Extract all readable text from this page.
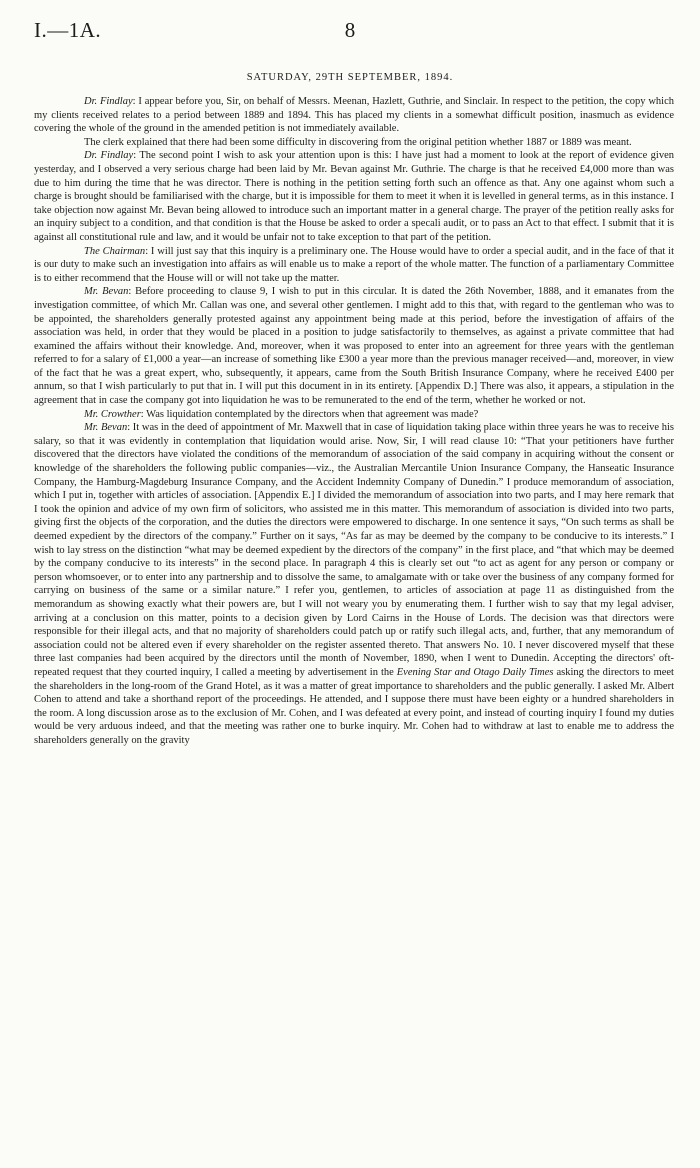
I.—1A.	8
SATURDAY, 29TH SEPTEMBER, 1894.

Dr. Findlay: I appear before you, Sir, on behalf of Messrs. Meenan, Hazlett, Guthrie, and Sinclair. In respect to the petition, the copy which my clients received relates to a period between 1889 and 1894. This has placed my clients in a somewhat difficult position, inasmuch as evidence covering the whole of the ground in the amended petition is not immediately available.

The clerk explained that there had been some difficulty in discovering from the original petition whether 1887 or 1889 was meant.

Dr. Findlay: The second point I wish to ask your attention upon is this: I have just had a moment to look at the report of evidence given yesterday, and I observed a very serious charge had been laid by Mr. Bevan against Mr. Guthrie. The charge is that he received £4,000 more than was due to him during the time that he was director. There is nothing in the petition setting forth such an offence as that. Any one against whom such a charge is brought should be familiarised with the charge, but it is impossible for them to meet it when it is levelled in general terms, as in this instance. I take objection now against Mr. Bevan being allowed to introduce such an important matter in a general charge. The prayer of the petition really asks for an inquiry subject to a condition, and that condition is that the House be asked to order a specali audit, or to pass an Act to that effect. I submit that it is against all constitutional rule and law, and it would be unfair not to take exception to that part of the petition.

The Chairman: I will just say that this inquiry is a preliminary one. The House would have to order a special audit, and in the face of that it is our duty to make such an investigation into affairs as will enable us to make a report of the whole matter. The function of a parliamentary Committee is to either recommend that the House will or will not take up the matter.

Mr. Bevan: Before proceeding to clause 9, I wish to put in this circular. It is dated the 26th November, 1888, and it emanates from the investigation committee, of which Mr. Callan was one, and several other gentlemen. I might add to this that, with regard to the gentleman who was to be appointed, the shareholders generally protested against any appointment being made at this period, before the investigation of affairs of the association was held, in order that they would be placed in a position to judge satisfactorily to themselves, as against a private committee that had examined the affairs without their knowledge. And, moreover, when it was proposed to enter into an agreement for three years with the gentleman referred to for a salary of £1,000 a year—an increase of something like £300 a year more than the previous manager received—and, moreover, in view of the fact that he was a great expert, who, subsequently, it appears, came from the South British Insurance Company, where he received £400 per annum, so that I wish particularly to put that in. I will put this document in in its entirety. [Appendix D.] There was also, it appears, a stipulation in the agreement that in case the company got into liquidation he was to be remunerated to the end of the term, whether he worked or not.

Mr. Crowther: Was liquidation contemplated by the directors when that agreement was made?

Mr. Bevan: It was in the deed of appointment of Mr. Maxwell that in case of liquidation taking place within three years he was to receive his salary, so that it was evidently in contemplation that liquidation would arise. Now, Sir, I will read clause 10: “That your petitioners have further discovered that the directors have violated the conditions of the memorandum of association of the said company in acquiring without the consent or knowledge of the shareholders the following public companies—viz., the Australian Mercantile Union Insurance Company, the Hanseatic Insurance Company, the Hamburg-Magdeburg Insurance Company, and the Accident Indemnity Company of Dunedin.” I produce memorandum of association, which I put in, together with articles of association. [Appendix E.] I divided the memorandum of association into two parts, and I may here remark that I took the opinion and advice of my own firm of solicitors, who assisted me in this matter. This memorandum of association is divided into two parts, giving first the objects of the corporation, and the duties the directors were empowered to discharge. In one sentence it says, “On such terms as shall be deemed expedient by the directors of the company.” Further on it says, “As far as may be deemed by the company to be conducive to its interests.” I wish to lay stress on the distinction “what may be deemed expedient by the directors of the company” in the first place, and “that which may be deemed by the company conducive to its interests” in the second place. In paragraph 4 this is clearly set out “to act as agent for any person or company or person whomsoever, or to enter into any partnership and to dissolve the same, to amalgamate with or take over the business of any company formed for carrying on business of the same or a similar nature.” I refer you, gentlemen, to articles of association at page 11 as distinguished from the memorandum as showing exactly what their powers are, but I will not weary you by enumerating them. I further wish to say that my legal adviser, arriving at a conclusion on this matter, points to a decision given by Lord Cairns in the House of Lords. The decision was that directors were responsible for their illegal acts, and that no majority of shareholders could patch up or ratify such illegal acts, and, further, that any memorandum of association could not be altered even if every shareholder on the register assented thereto. That answers No. 10. I never discovered myself that these three last companies had been acquired by the directors until the month of November, 1890, when I went to Dunedin. Accepting the directors' oft-repeated request that they courted inquiry, I called a meeting by advertisement in the Evening Star and Otago Daily Times asking the directors to meet the shareholders in the long-room of the Grand Hotel, as it was a matter of great importance to shareholders and the public generally. I asked Mr. Albert Cohen to attend and take a shorthand report of the proceedings. He attended, and I suppose there must have been eighty or a hundred shareholders in the room. A long discussion arose as to the exclusion of Mr. Cohen, and I was defeated at every point, and instead of courting inquiry I found my duties would be very arduous indeed, and that the meeting was rather one to burke inquiry. Mr. Cohen had to withdraw at last to enable me to address the shareholders generally on the gravity
